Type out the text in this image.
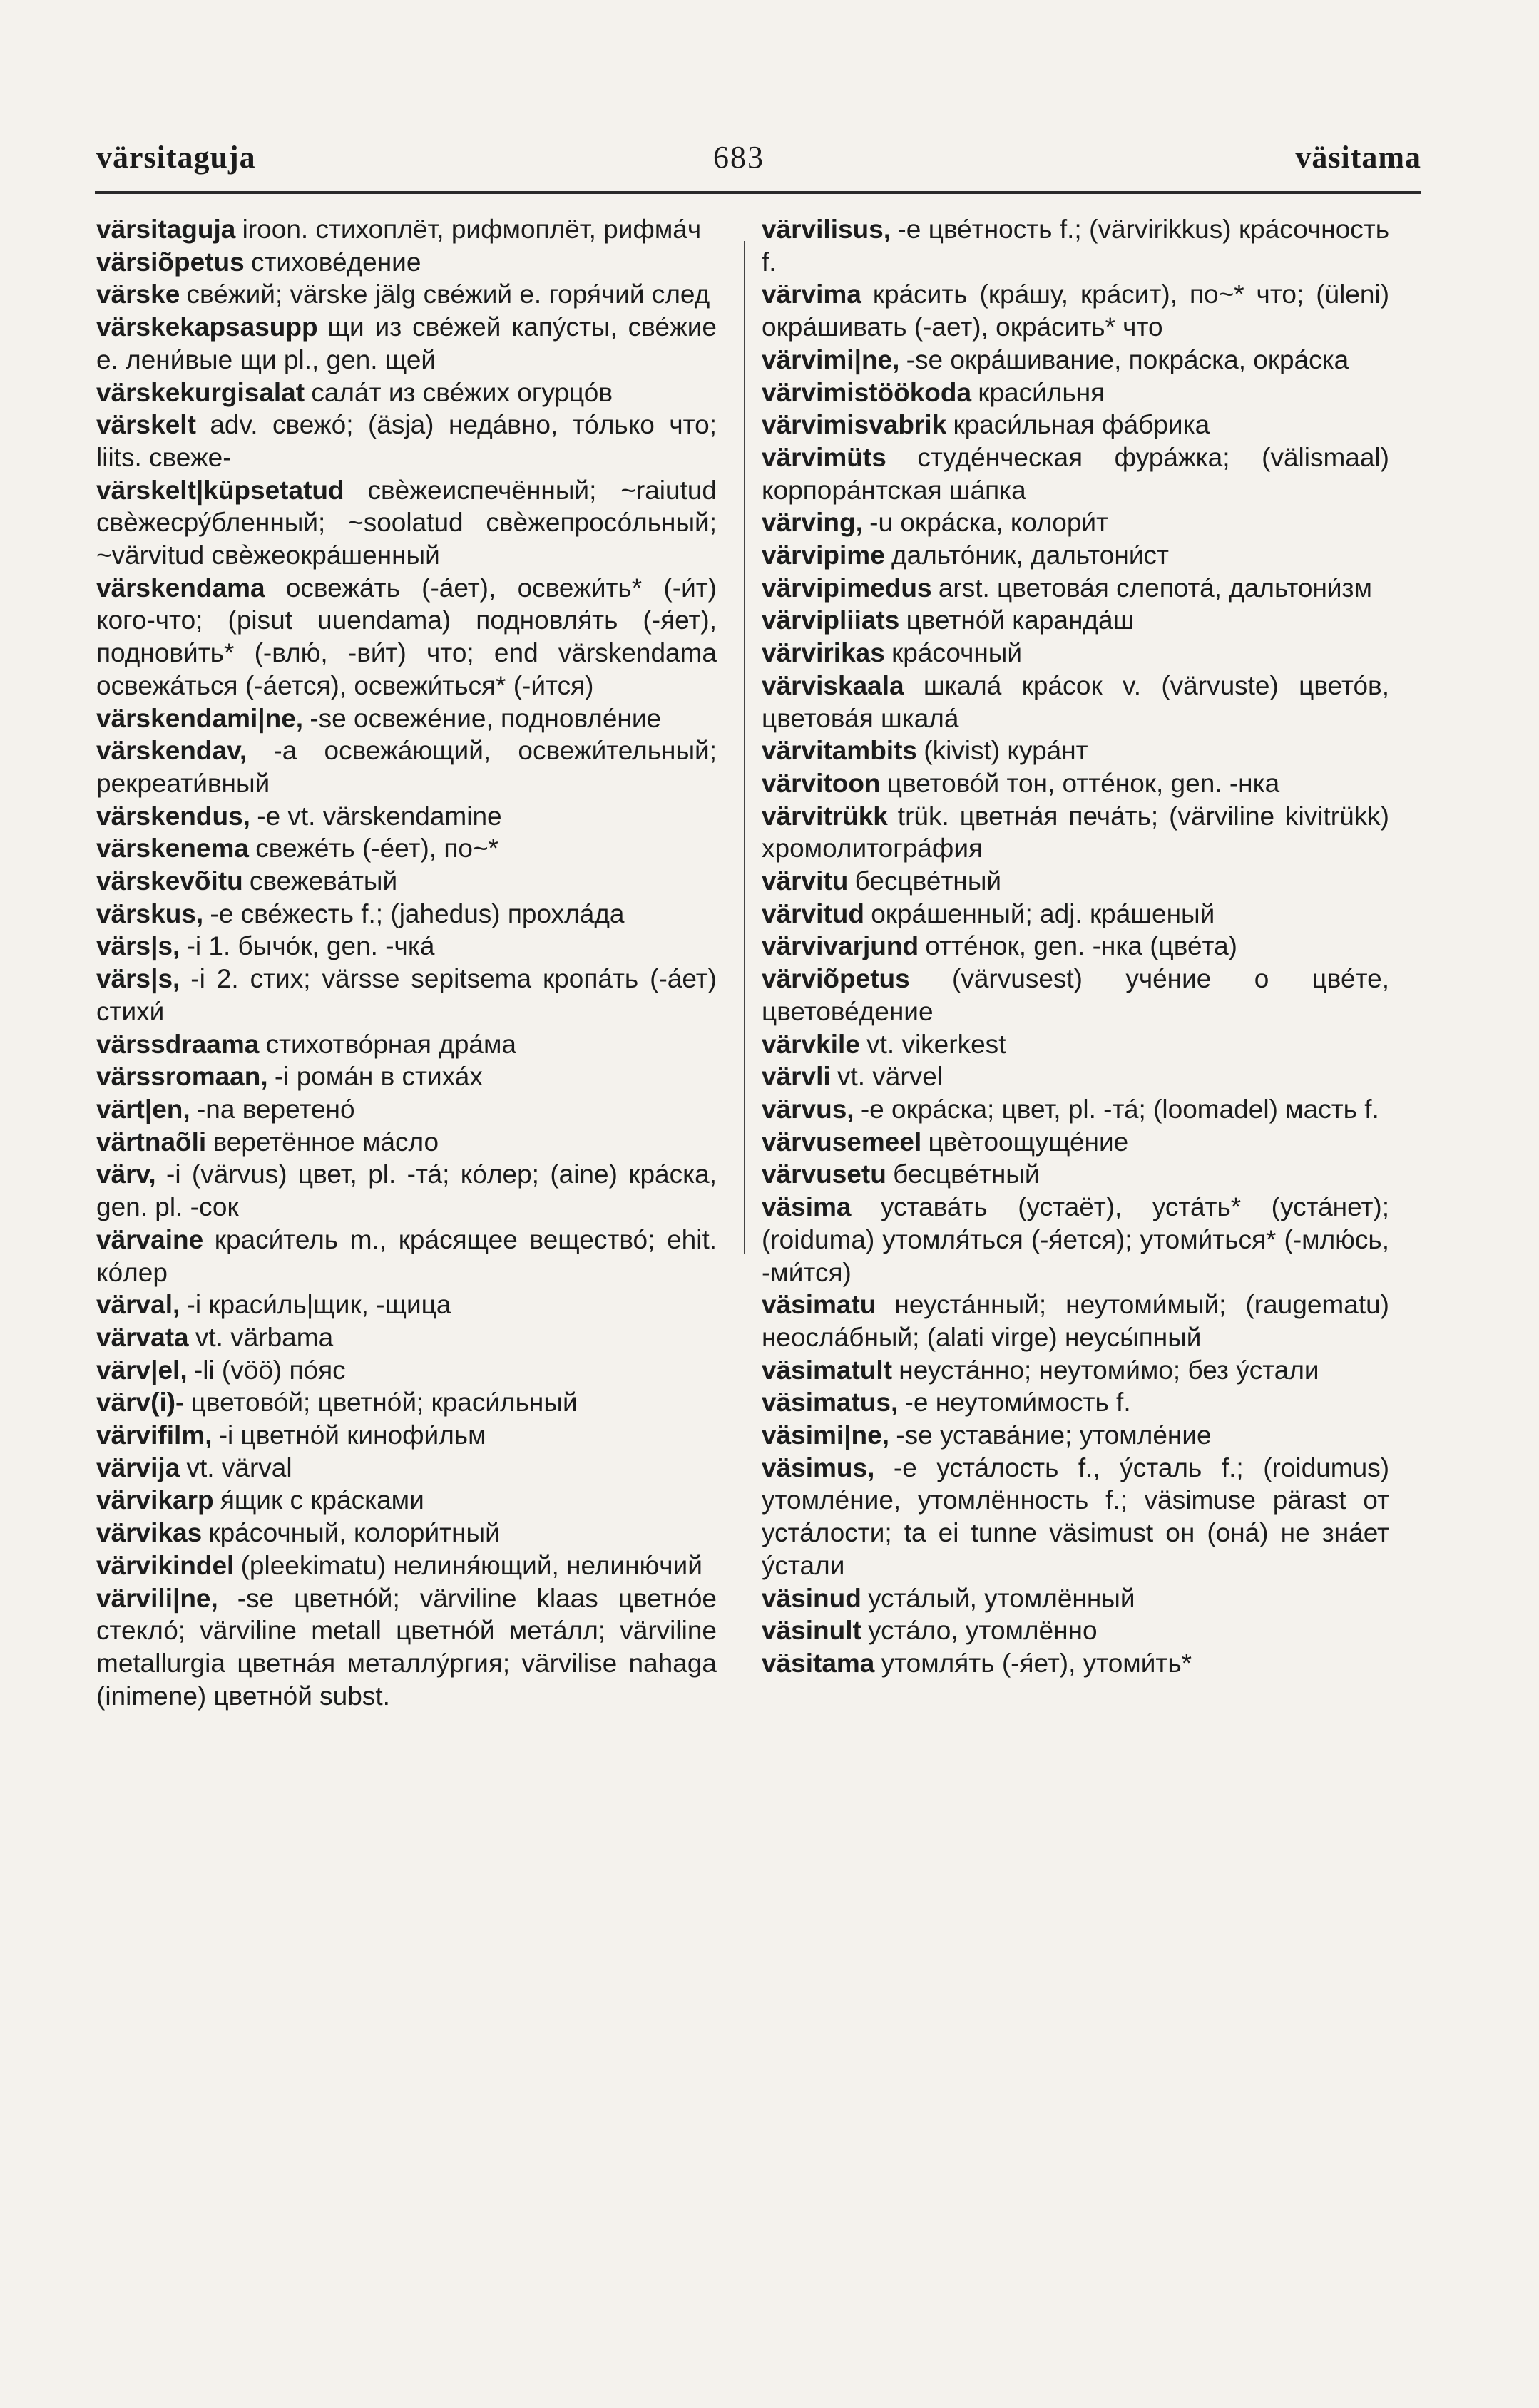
värsitaguja	683	väsitama

värsitaguja iroon. стихоплёт, рифмоплёт, рифма́ч

värsiõpetus стихове́дение

värske све́жий; värske jälg све́жий e. горя́чий след

värskekapsasupp щи из све́жей капу́сты, све́жие e. лени́вые щи pl., gen. щей

värskekurgisalat сала́т из све́жих огурцо́в

värskelt adv. свежо́; (äsja) неда́вно, то́лько что; liits. свеже-

värskelt|küpsetatud свѐжеиспечённый; ~raiutud свѐжесру́бленный; ~soolatud свѐжепросо́льный; ~värvitud свѐжеокра́шенный

värskendama освежа́ть (-а́ет), освежи́ть* (-и́т) кого-что; (pisut uuendama) подновля́ть (-я́ет), поднови́ть* (-влю́, -ви́т) что; end värskendama освежа́ться (-а́ется), освежи́ться* (-и́тся)

värskendami|ne, -se освеже́ние, подновле́ние

värskendav, -a освежа́ющий, освежи́тельный; рекреати́вный

värskendus, -e vt. värskendamine

värskenema свеже́ть (-е́ет), по~*

värskevõitu свежева́тый

värskus, -e све́жесть f.; (jahedus) прохла́да

värs|s, -i 1. бычо́к, gen. -чка́

värs|s, -i 2. стих; värsse sepitsema кропа́ть (-а́ет) стихи́

värssdraama стихотво́рная дра́ма

värssromaan, -i рома́н в стиха́х

värt|en, -na веретено́

värtnaõli веретённое ма́сло

värv, -i (värvus) цвет, pl. -та́; ко́лер; (aine) кра́ска, gen. pl. -сок

värvaine краси́тель m., кра́сящее вещество́; ehit. ко́лер

värval, -i краси́ль|щик, -щица

värvata vt. värbama

värv|el, -li (vöö) по́яс

värv(i)- цветово́й; цветно́й; краси́льный

värvifilm, -i цветно́й кинофи́льм

värvija vt. värval

värvikarp я́щик с кра́сками

värvikas кра́сочный, колори́тный

värvikindel (pleekimatu) нелиня́ющий, нелиню́чий

värvili|ne, -se цветно́й; värviline klaas цветно́е стекло́; värviline metall цветно́й мета́лл; värviline metallurgia цветна́я металлу́ргия; värvilise nahaga (inimene) цветно́й subst.

värvilisus, -e цве́тность f.; (värvirikkus) кра́сочность f.

värvima кра́сить (кра́шу, кра́сит), по~* что; (üleni) окра́шивать (-ает), окра́сить* что

värvimi|ne, -se окра́шивание, покра́ска, окра́ска

värvimistöökoda краси́льня

värvimisvabrik краси́льная фа́брика

värvimüts студе́нческая фура́жка; (välismaal) корпора́нтская ша́пка

värving, -u окра́ска, колори́т

värvipime дальто́ник, дальтони́ст

värvipimedus arst. цветова́я слепота́, дальтони́зм

värvipliiats цветно́й каранда́ш

värvirikas кра́сочный

värviskaala шкала́ кра́сок v. (värvuste) цвето́в, цветова́я шкала́

värvitambits (kivist) кура́нт

värvitoon цветово́й тон, оттéнок, gen. -нка

värvitrükk trük. цветна́я печа́ть; (värviline kivitrükk) хромолитогра́фия

värvitu бесцве́тный

värvitud окра́шенный; adj. кра́шеный

värvivarjund оттéнок, gen. -нка (цве́та)

värviõpetus (värvusest) уче́ние о цве́те, цветове́дение

värvkile vt. vikerkest

värvli vt. värvel

värvus, -e окра́ска; цвет, pl. -та́; (loomadel) масть f.

värvusemeel цвѐтоощуще́ние

värvusetu бесцве́тный

väsima устава́ть (устаёт), уста́ть* (уста́нет); (roiduma) утомля́ться (-я́ется); утоми́ться* (-млю́сь, -ми́тся)

väsimatu неуста́нный; неутоми́мый; (raugematu) неосла́бный; (alati virge) неусы́пный

väsimatult неуста́нно; неутоми́мо; без у́стали

väsimatus, -e неутоми́мость f.

väsimi|ne, -se устава́ние; утомле́ние

väsimus, -e уста́лость f., у́сталь f.; (roidumus) утомле́ние, утомлённость f.; väsimuse pärast от уста́лости; ta ei tunne väsimust он (она́) не зна́ет у́стали

väsinud уста́лый, утомлённый

väsinult уста́ло, утомлённо

väsitama утомля́ть (-я́ет), утоми́ть*
